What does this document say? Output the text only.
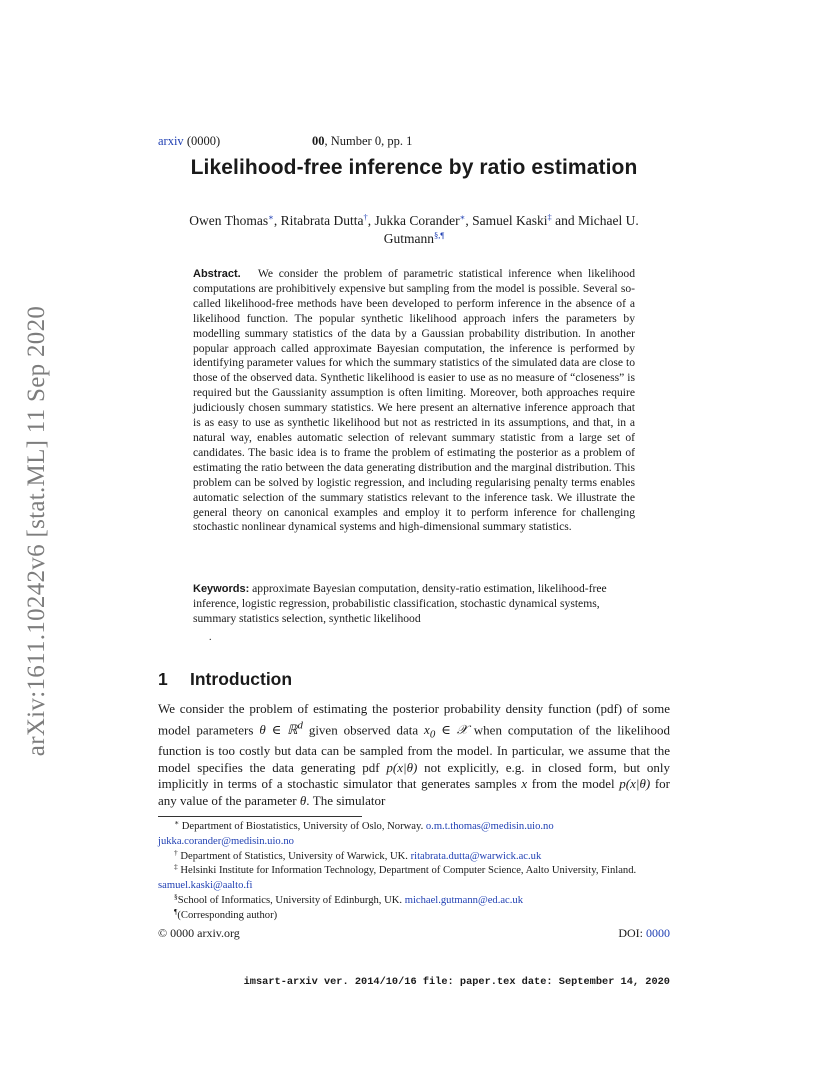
arXiv:1611.10242v6 [stat.ML] 11 Sep 2020
arxiv (0000)	00, Number 0, pp. 1
Likelihood-free inference by ratio estimation
Owen Thomas∗, Ritabrata Dutta†, Jukka Corander∗, Samuel Kaski‡ and Michael U.
Gutmann§,¶

Abstract. We consider the problem of parametric statistical inference when likelihood computations are prohibitively expensive but sampling from the model is possible. Several so-called likelihood-free methods have been developed to perform inference in the absence of a likelihood function. The popular synthetic likelihood approach infers the parameters by modelling summary statistics of the data by a Gaussian probability distribution. In another popular approach called approximate Bayesian computation, the inference is performed by identifying parameter values for which the summary statistics of the simulated data are close to those of the observed data. Synthetic likelihood is easier to use as no measure of “closeness” is required but the Gaussianity assumption is often limiting. Moreover, both approaches require judiciously chosen summary statistics. We here present an alternative inference approach that is as easy to use as synthetic likelihood but not as restricted in its assumptions, and that, in a natural way, enables automatic selection of relevant summary statistic from a large set of candidates. The basic idea is to frame the problem of estimating the posterior as a problem of estimating the ratio between the data generating distribution and the marginal distribution. This problem can be solved by logistic regression, and including regularising penalty terms enables automatic selection of the summary statistics relevant to the inference task. We illustrate the general theory on canonical examples and employ it to perform inference for challenging stochastic nonlinear dynamical systems and high-dimensional summary statistics.

Keywords: approximate Bayesian computation, density-ratio estimation, likelihood-free inference, logistic regression, probabilistic classification, stochastic dynamical systems, summary statistics selection, synthetic likelihood

.
1 Introduction

We consider the problem of estimating the posterior probability density function (pdf) of some model parameters θ ∈ ℝ$^d$ given observed data $x_0$ ∈ 𝒳 when computation of the likelihood function is too costly but data can be sampled from the model. In particular, we assume that the model specifies the data generating pdf p(x|θ) not explicitly, e.g. in closed form, but only implicitly in terms of a stochastic simulator that generates samples x from the model p(x|θ) for any value of the parameter θ. The simulator

∗ Department of Biostatistics, University of Oslo, Norway. o.m.t.thomas@medisin.uio.no
jukka.corander@medisin.uio.no

† Department of Statistics, University of Warwick, UK. ritabrata.dutta@warwick.ac.uk

‡ Helsinki Institute for Information Technology, Department of Computer Science, Aalto University, Finland. samuel.kaski@aalto.fi

§School of Informatics, University of Edinburgh, UK. michael.gutmann@ed.ac.uk

¶(Corresponding author)

© 0000 arxiv.org	DOI: 0000
imsart-arxiv ver. 2014/10/16 file: paper.tex date: September 14, 2020
